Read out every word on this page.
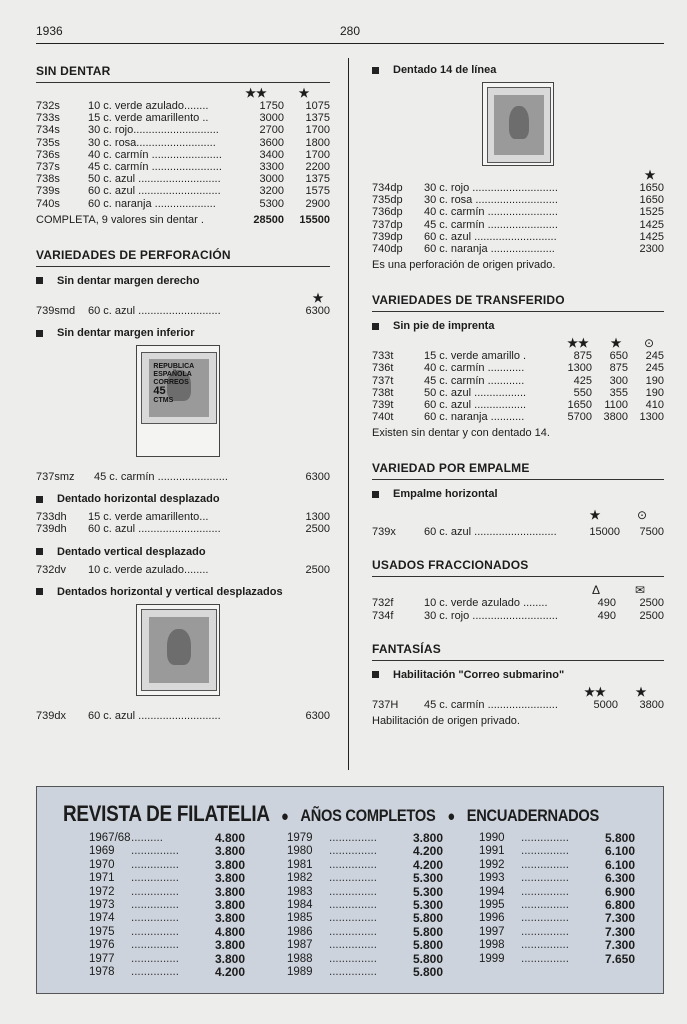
1936	280
SIN DENTAR
★★	★
732s	10 c. verde azulado........	1750	1075
733s	15 c. verde amarillento ..	3000	1375
734s	30 c. rojo............................	2700	1700
735s	30 c. rosa..........................	3600	1800
736s	40 c. carmín .......................	3400	1700
737s	45 c. carmín .......................	3300	2200
738s	50 c. azul ...........................	3000	1375
739s	60 c. azul ...........................	3200	1575
740s	60 c. naranja ....................	5300	2900
COMPLETA, 9 valores sin dentar .	28500	15500
VARIEDADES DE PERFORACIÓN
Sin dentar margen derecho
★
739smd	60 c. azul ...........................	6300
Sin dentar margen inferior
REPUBLICA
ESPAÑOLA
CORREOS
45
CTMS
737smz	45 c. carmín .......................	6300
Dentado horizontal desplazado
733dh	15 c. verde amarillento...	1300
739dh	60 c. azul ...........................	2500
Dentado vertical desplazado
732dv	10 c. verde azulado........	2500
Dentados horizontal y vertical desplazados
739dx	60 c. azul ...........................	6300
Dentado 14 de línea
★
734dp	30 c. rojo ............................	1650
735dp	30 c. rosa ...........................	1650
736dp	40 c. carmín .......................	1525
737dp	45 c. carmín .......................	1425
739dp	60 c. azul ...........................	1425
740dp	60 c. naranja .....................	2300
Es una perforación de origen privado.
VARIEDADES DE TRANSFERIDO
Sin pie de imprenta
★★	★	⊙
733t	15 c. verde amarillo .	875	650	245
736t	40 c. carmín ............	1300	875	245
737t	45 c. carmín ............	425	300	190
738t	50 c. azul .................	550	355	190
739t	60 c. azul .................	1650	1100	410
740t	60 c. naranja ...........	5700	3800	1300
Existen sin dentar y con dentado 14.
VARIEDAD POR EMPALME
Empalme horizontal
★	⊙
739x	60 c. azul ...........................	15000	7500
USADOS FRACCIONADOS
Δ	✉
732f	10 c. verde azulado ........	490	2500
734f	30 c. rojo ............................	490	2500
FANTASÍAS
Habilitación "Correo submarino"
★★	★
737H	45 c. carmín .......................	5000	3800
Habilitación de origen privado.
REVISTA DE FILATELIA ● AÑOS COMPLETOS ● ENCUADERNADOS
1967/68 ..........	4.800
1969	...............	3.800
1970	...............	3.800
1971	...............	3.800
1972	...............	3.800
1973	...............	3.800
1974	...............	3.800
1975	...............	4.800
1976	...............	3.800
1977	...............	3.800
1978	...............	4.200
1979	...............	3.800
1980	...............	4.200
1981	...............	4.200
1982	...............	5.300
1983	...............	5.300
1984	...............	5.300
1985	...............	5.800
1986	...............	5.800
1987	...............	5.800
1988	...............	5.800
1989	...............	5.800
1990	...............	5.800
1991	...............	6.100
1992	...............	6.100
1993	...............	6.300
1994	...............	6.900
1995	...............	6.800
1996	...............	7.300
1997	...............	7.300
1998	...............	7.300
1999	...............	7.650
